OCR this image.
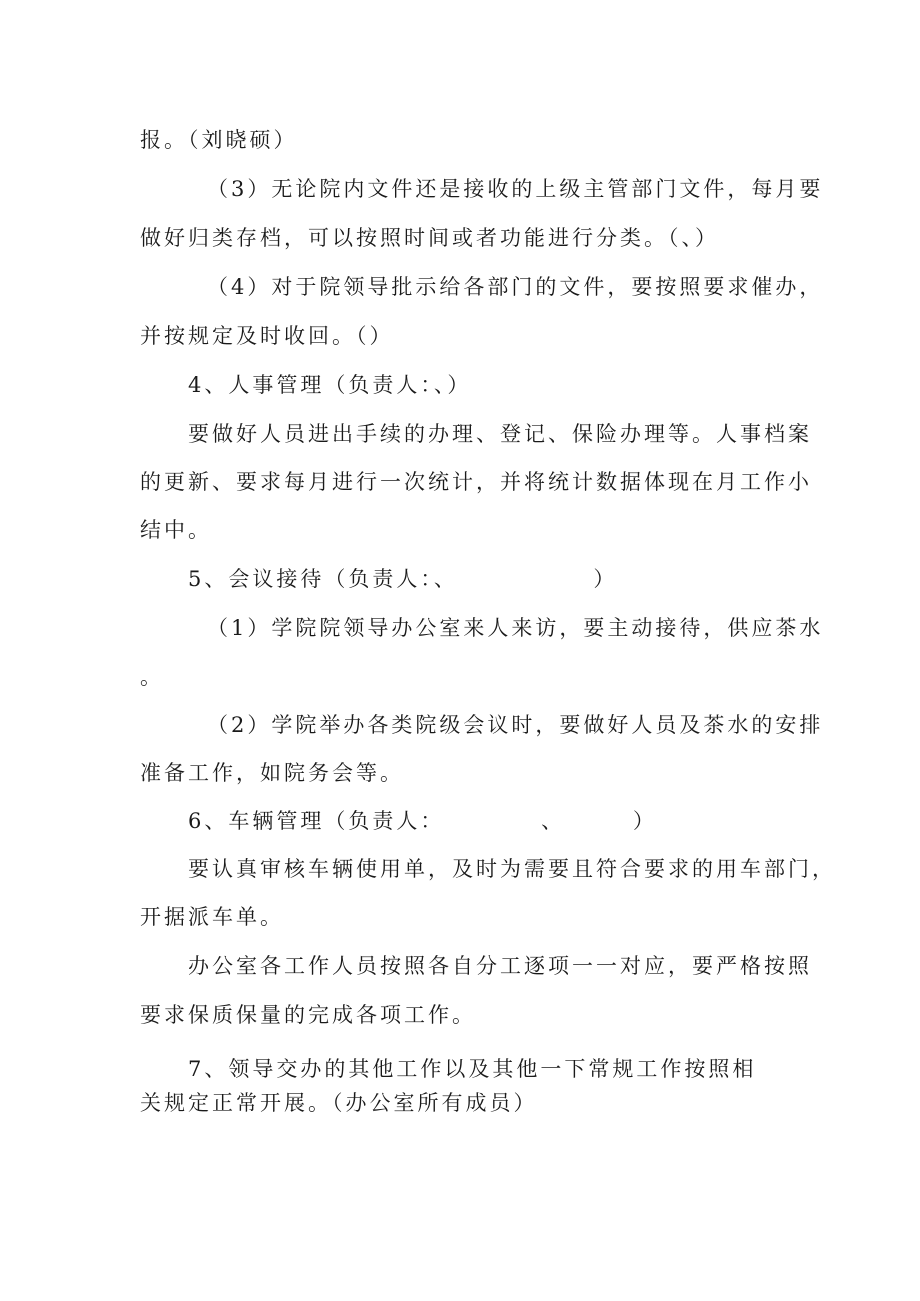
报。（刘晓硕）
（3）无论院内文件还是接收的上级主管部门文件，每月要
做好归类存档，可以按照时间或者功能进行分类。（、）
（4）对于院领导批示给各部门的文件，要按照要求催办，
并按规定及时收回。（）
4、人事管理（负责人：、）
要做好人员进出手续的办理、登记、保险办理等。人事档案
的更新、要求每月进行一次统计，并将统计数据体现在月工作小
结中。
5、会议接待（负责人：、              ）
（1）学院院领导办公室来人来访，要主动接待，供应茶水
。
（2）学院举办各类院级会议时，要做好人员及茶水的安排
准备工作，如院务会等。
6、车辆管理（负责人：          、       ）
要认真审核车辆使用单，及时为需要且符合要求的用车部门，
开据派车单。
办公室各工作人员按照各自分工逐项一一对应，要严格按照
要求保质保量的完成各项工作。
7、领导交办的其他工作以及其他一下常规工作按照相
关规定正常开展。（办公室所有成员）
